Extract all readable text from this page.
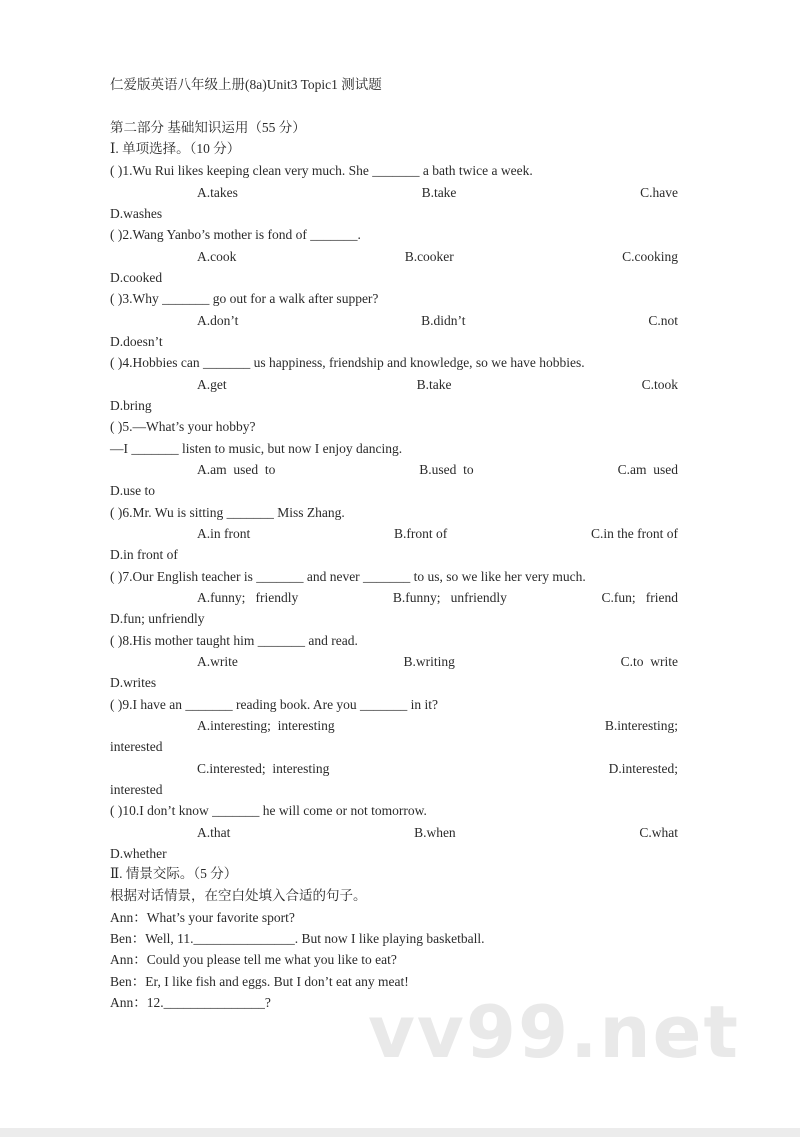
仁爱版英语八年级上册(8a)Unit3 Topic1 测试题
第二部分 基础知识运用（55 分）
Ⅰ. 单项选择。（10 分）
( )1.Wu Rui likes keeping clean very much. She _______ a bath twice a week.
A.takes	B.take	C.have
D.washes
( )2.Wang Yanbo’s mother is fond of _______.
A.cook	B.cooker	C.cooking
D.cooked
( )3.Why _______ go out for a walk after supper?
A.don’t	B.didn’t	C.not
D.doesn’t
( )4.Hobbies can _______ us happiness, friendship and knowledge, so we have hobbies.
A.get	B.take	C.took
D.bring
( )5.—What’s your hobby?
—I _______ listen to music, but now I enjoy dancing.
A.am  used  to	B.used  to	C.am  used
D.use to
( )6.Mr. Wu is sitting _______ Miss Zhang.
A.in front	B.front of	C.in the front of
D.in front of
( )7.Our English teacher is _______ and never _______ to us, so we like her very much.
A.funny;   friendly	B.funny;   unfriendly	C.fun;   friend
D.fun; unfriendly
( )8.His mother taught him _______ and read.
A.write	B.writing	C.to  write
D.writes
( )9.I have an _______ reading book. Are you _______ in it?
A.interesting;  interesting	B.interesting;
interested
C.interested;  interesting	D.interested;
interested
( )10.I don’t know _______ he will come or not tomorrow.
A.that	B.when	C.what
D.whether
Ⅱ. 情景交际。（5 分）
根据对话情景，在空白处填入合适的句子。
Ann：What’s your favorite sport?
Ben：Well, 11._______________. But now I like playing basketball.
Ann：Could you please tell me what you like to eat?
Ben：Er, I like fish and eggs. But I don’t eat any meat!
Ann：12._______________?	vv99.net
